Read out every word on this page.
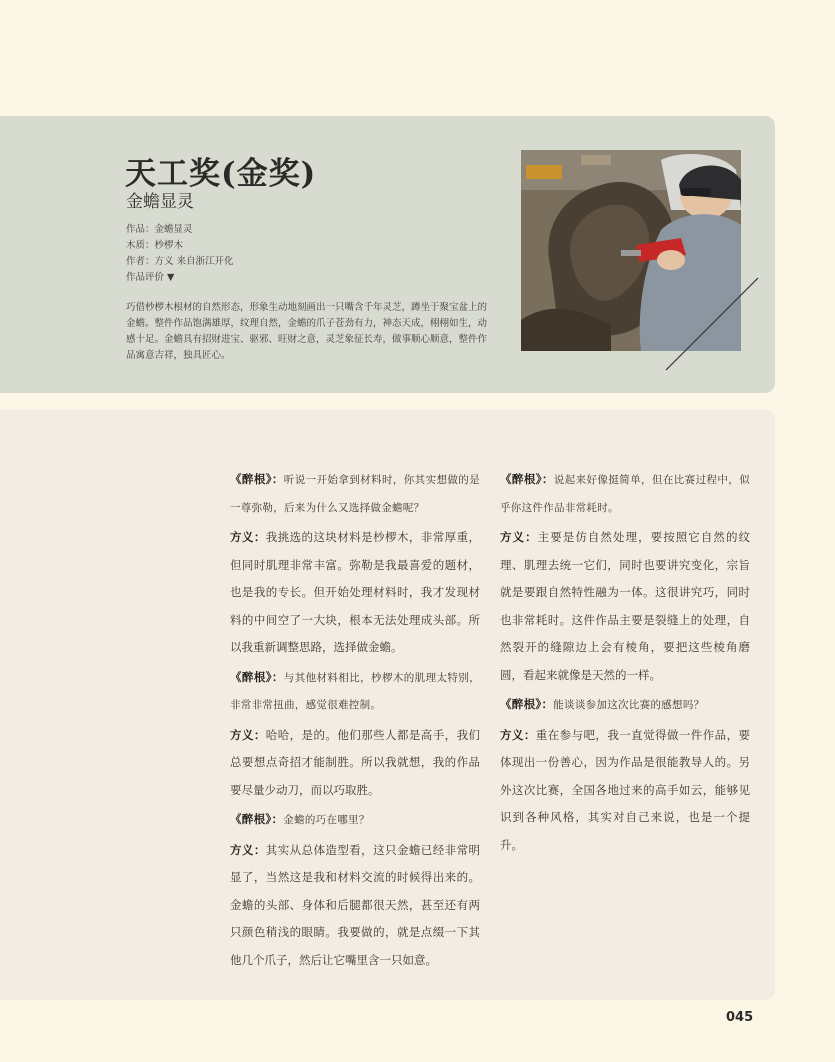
天工奖(金奖)
金蟾显灵
作品：金蟾显灵
木质：杪椤木
作者：方义 来自浙江开化
作品评价 ▼
巧借杪椤木根材的自然形态，形象生动地刻画出一只嘴含千年灵芝，蹲坐于聚宝盆上的金蟾。整件作品饱满雄厚，纹理自然，金蟾的爪子苍劲有力，神态天成，栩栩如生，动感十足。金蟾具有招财进宝、驱邪、旺财之意，灵芝象征长寿，做事顺心顺意，整件作品寓意吉祥，独具匠心。

《醉根》：听说一开始拿到材料时，你其实想做的是一尊弥勒，后来为什么又选择做金蟾呢？

方义：我挑选的这块材料是杪椤木，非常厚重，但同时肌理非常丰富。弥勒是我最喜爱的题材，也是我的专长。但开始处理材料时，我才发现材料的中间空了一大块，根本无法处理成头部。所以我重新调整思路，选择做金蟾。

《醉根》：与其他材料相比，杪椤木的肌理太特别，非常非常扭曲，感觉很难控制。

方义：哈哈，是的。他们那些人都是高手，我们总要想点奇招才能制胜。所以我就想，我的作品要尽量少动刀，而以巧取胜。

《醉根》：金蟾的巧在哪里？

方义：其实从总体造型看，这只金蟾已经非常明显了，当然这是我和材料交流的时候得出来的。金蟾的头部、身体和后腿都很天然，甚至还有两只颜色稍浅的眼睛。我要做的，就是点缀一下其他几个爪子，然后让它嘴里含一只如意。

《醉根》：说起来好像挺简单，但在比赛过程中，似乎你这件作品非常耗时。

方义：主要是仿自然处理，要按照它自然的纹理、肌理去统一它们，同时也要讲究变化，宗旨就是要跟自然特性融为一体。这很讲究巧，同时也非常耗时。这件作品主要是裂缝上的处理，自然裂开的缝隙边上会有棱角，要把这些棱角磨圆，看起来就像是天然的一样。

《醉根》：能谈谈参加这次比赛的感想吗？

方义：重在参与吧，我一直觉得做一件作品，要体现出一份善心，因为作品是很能教导人的。另外这次比赛，全国各地过来的高手如云，能够见识到各种风格，其实对自己来说，也是一个提升。

045
